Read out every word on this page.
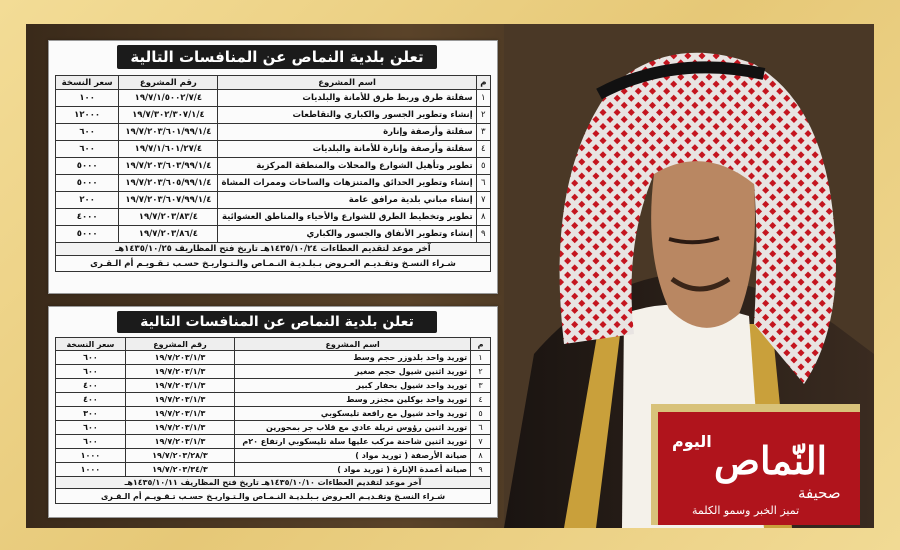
تعلن بلدية النماص عن المنافسات التالية
م	اسم المشروع	رقم المشروع	سعر النسخة
١	سفلتة طرق وربط طرق للأمانة والبلديات	١٩/٧/١/٥٠٠٢/٧/٤	١٠٠
٢	إنشاء وتطوير الجسور والكباري والتقاطعات	١٩/٧/٣٠٢/٣٠٧/١/٤	١٢٠٠٠
٣	سفلتة وأرصفة وإنارة	١٩/٧/٢٠٣/٦٠١/٩٩/١/٤	٦٠٠
٤	سفلتة وأرصفة وإنارة للأمانة والبلديات	١٩/٧/١/٦٠١/٢٧/٤	٦٠٠
٥	تطوير وتأهيل الشوارع والمحلات والمنطقة المركزية	١٩/٧/٢٠٣/٦٠٣/٩٩/١/٤	٥٠٠٠
٦	إنشاء وتطوير الحدائق والمتنزهات والساحات وممرات المشاة	١٩/٧/٢٠٣/٦٠٥/٩٩/١/٤	٥٠٠٠
٧	إنشاء مباني بلدية مرافق عامة	١٩/٧/٢٠٣/٦٠٧/٩٩/١/٤	٢٠٠
٨	تطوير وتخطيط الطرق للشوارع والأحياء والمناطق العشوائية	١٩/٧/٢٠٣/٨٣/٤	٤٠٠٠
٩	إنشاء وتطوير الأنفاق والجسور والكباري	١٩/٧/٢٠٣/٨٦/٤	٥٠٠٠
آخر موعد لتقديم العطاءات ١٤٣٥/١٠/٢٤هـ تاريخ فتح المظاريف ١٤٣٥/١٠/٢٥هـ			
شـراء النسـخ وتقـديـم العـروض بـبلـديـة النـمـاص والـتـواريـخ حسـب تـقـويـم أم الـقـرى			
تعلن بلدية النماص عن المنافسات التالية
م	اسم المشروع	رقم المشروع	سعر النسخة
١	توريد واحد بلدوزر حجم وسط	١٩/٧/٢٠٣/١/٣	٦٠٠
٢	توريد اثنين شيول حجم صغير	١٩/٧/٢٠٣/١/٣	٦٠٠
٣	توريد واحد شيول بحفار كبير	١٩/٧/٢٠٣/١/٣	٤٠٠
٤	توريد واحد بوكلين مجنزر وسط	١٩/٧/٢٠٣/١/٣	٤٠٠
٥	توريد واحد شيول مع رافعة تليسكوبي	١٩/٧/٢٠٣/١/٣	٣٠٠
٦	توريد اثنين رؤوس تريلة عادي مع قلاب جر بمحورين	١٩/٧/٢٠٣/١/٣	٦٠٠
٧	توريد اثنين شاحنة مركب عليها سلة تليسكوبي ارتفاع ٢٠م	١٩/٧/٢٠٣/١/٣	٦٠٠
٨	صيانة الأرصفة ( توريد مواد )	١٩/٧/٢٠٣/٢٨/٣	١٠٠٠
٩	صيانة أعمدة الإنارة ( توريد مواد )	١٩/٧/٢٠٣/٣٤/٣	١٠٠٠
آخر موعد لتقديم العطاءات ١٤٣٥/١٠/١٠هـ تاريخ فتح المظاريف ١٤٣٥/١٠/١١هـ			
شـراء النسـخ وتقـديـم العـروض بـبلـديـة النـمـاص والـتـواريـخ حسـب تـقـويـم أم الـقـرى			
اليوم النّماص
صحيفة
تميز الخبر وسمو الكلمة
